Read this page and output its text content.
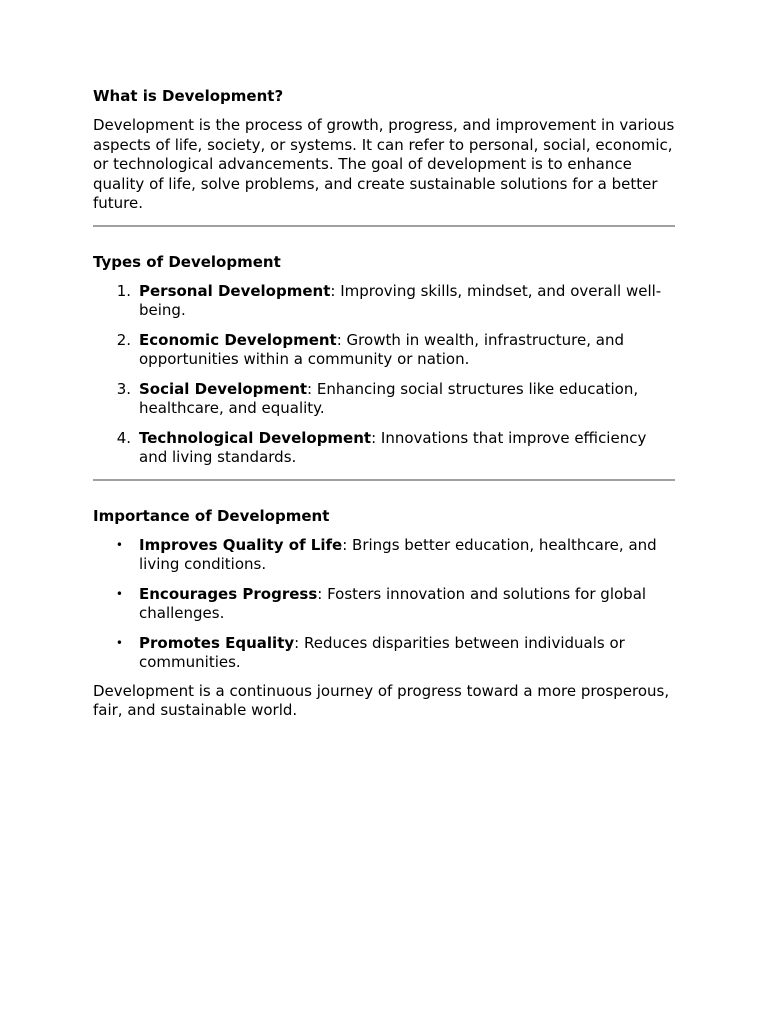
What is Development?

Development is the process of growth, progress, and improvement in various aspects of life, society, or systems. It can refer to personal, social, economic, or technological advancements. The goal of development is to enhance quality of life, solve problems, and create sustainable solutions for a better future.

Types of Development
1. Personal Development: Improving skills, mindset, and overall well-being.
2. Economic Development: Growth in wealth, infrastructure, and opportunities within a community or nation.
3. Social Development: Enhancing social structures like education, healthcare, and equality.
4. Technological Development: Innovations that improve efficiency and living standards.
Importance of Development
• Improves Quality of Life: Brings better education, healthcare, and living conditions.
• Encourages Progress: Fosters innovation and solutions for global challenges.
• Promotes Equality: Reduces disparities between individuals or communities.

Development is a continuous journey of progress toward a more prosperous, fair, and sustainable world.
